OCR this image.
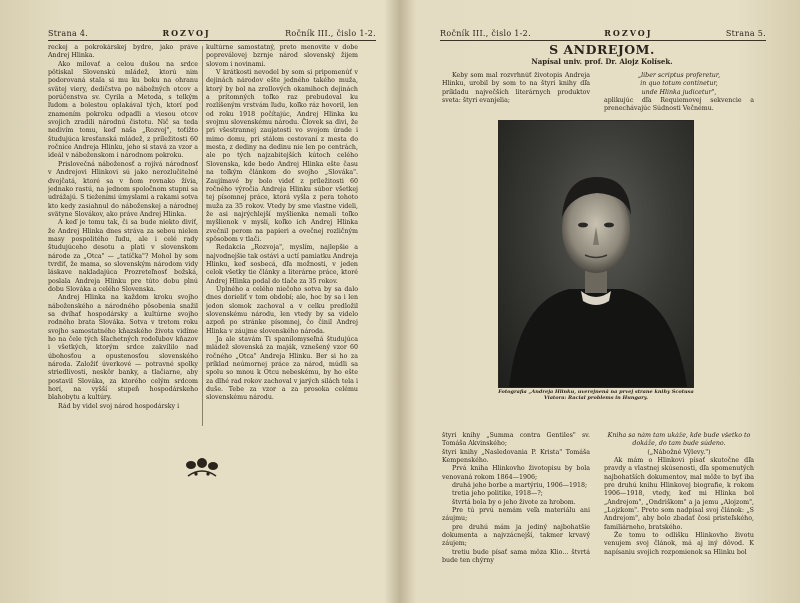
Strana 4.	ROZVOJ	Ročník III., čislo 1-2.

reckej a pokrokárskej bydre, jako práve Andrej Hlinka.

Ako milovať a celou dušou na srdce pôtiskal Slovenskú mládež, ktorú nim podorovaná stala si mu ku boku na ohranu svätej viery, dedičstva po nábožných otcov a porúčenstva sv. Cyrila a Metoda, s telkým ľudom a bolestou oplakával tých, ktorí pod znamením pokroku odpadli a viesou otcov svojich zradili národnú čistotu. Nič sa teda nedivím tomu, keď naša „Rozvoj", toťižto študujúca kresťanská mládež, z príležitosti 60 ročnice Andreja Hlinku, jeho si stavá za vzor a ideál v náboženskom i národnom pokroku.

Prislovečná náboženosť a rojívá národnosť v Andrejovi Hlinkovi sú jako nerozlučitelné dvojčatá, ktoré sa v ňom rovnako žívia, jednako rastú, na jednom spoločnom stupni sa udrážajú. S tieženími úmyslami a rakami sotva kto kedy zasiahnul do náboženskej a národnej svätyne Slovákov, ako práve Andrej Hlinka.

A keď je tomu tak, či sa bude niekto diviť, že Andrej Hlinka dnes stráva za sebou nielen masy pospolitého ľudu, ale i celé rady študujúceho desotu a plati v slovenskom národe za „Otca" — „tatíčka"? Mohol by som tvrdiť, že mama, so slovenským národom vidy láskave nakladajúca Prozreteľnosť božská, poslala Andreja Hlinku pre túto dobu plnú dobu Slováka a celého Slovenska.

Andrej Hlinka na každom kroku svojho náboženského a národného pôsobenia snažil sa dvíhať hospodársky a kultúrne svojho rodného brata Slováka. Sotva v tretom roku svojho samostatného kňazského života vidíme ho na čele tých šľachetných rodoľubov kňazov i všetkých, ktorým srdce zakvílilo nad úbohosťou a opustenosťou slovenského národa. Založiť úverkové — potravné spolky striedlivosti, neskôr banky, a tlačiarne, aby postavil Slováka, za ktorého celým srdcom horí, na vyšší stupeň hospodárskeho blahobytu a kultúry.

Rád by videl svoj národ hospodársky i

kultúrne samostatný, preto menovite v dobe popreválovej bzrnje národ slovenský žijem slovom i novinami.

V krátkosti nevodel by som si pripomenúť v dejinách národov ešte jedného takého muža, ktorý by bol na zrollových okamihoch dejinách a prítomných toľko raz prebudoval ku rozlíšeným vrstvám ľudu, koľko ráz hovoril, len od roku 1918 počítajúc, Andrej Hlinka ku svojmu slovenskému národu. Človek sa divi, že pri všestrannej zaujatosti vo svojom úrade i mimo domu, pri stálom cestovaní z mesta do mesta, z dediny na dedinu nie len po centrách, ale po tých najzabitejších kútoch celého Slovenska, kde bedo Andrej Hlinka ešte času na toľkým článkom do svojho „Slováka". Zaujímavé by bolo videť z príležitosti 60 ročného výročia Andreja Hlinku súbor všetkej tej písomnej práce, ktorá vyšla z pera tohoto muža za 35 rokov. Vtedy by sme vlastne videli, že asi najrýchlejší myšlienka nemali toľko myšlienok v myslí, koľko ich Andrej Hlinka zvečnil perom na papieri a ovečnej rozličným spôsobom v tlači.

Redakcia „Rozvoja", myslím, najlepšie a najvodnejšie tak ostávi a uctí pamiatku Andreja Hlinku, keď sosbecá, dľa možnosti, v jeden celok všetky tie články a literárne práce, ktoré Andrej Hlinka podal do tlače za 35 rokov.

Úplného a celého niečoho sotva by sa dalo dnes dorieliť v tom období; ale, hoc by sa i len jedon slomok zachoval a v celku predložil slovenskému národu, len vtedy by sa videlo azpoň po stránke písomnej, čo činil Andrej Hlinka v záujme slovenského národa.

Ja ale stavám Ti spanilomyseľná študujúca mládež slovenská za maják, vznešený vzor 60 ročného „Otca" Andreja Hlinku. Ber si ho za príklad neúmornej práce za národ, múdli sa spolu so mnou k Otcu nebeskému, by ho ešte za dlhé rad rokov zachoval v jarých silách tela i duše. Tebe za vzor a za prosoka celému slovenskému národu.

Ročník III., čislo 1-2.	ROZVOJ	Strana 5.
S ANDREJOM.
Napísal univ. prof. Dr. Alojz Kolísek.

Keby som mal rozvrhnúť životopis Andreja Hlinku, urobil by som to na štyri knihy dľa príkladu največších literárnych produktov sveta: štyri evanjelia;

„liber scriptus proferetur,

in quo totum continetur,

unde Hlinka judicetur",

aplikujúc dľa Requiemovej sekvencie a prenechávajúc Súdnosti Večnému.

Fotografia „Andreja Hlinku, uverejnená na prvej strane knihy Scotusa Viatora: Racial problems in Hungary.

štyri knihy „Summa contra Gentiles" sv. Tomáša Akvinského;

štyri knihy „Nasledovania P. Krista" Tomáša Kempenského.

Prvá kniha Hlinkovho životopisu by bola venovaná rokom 1864—1906;

druhá jeho borbe a martýriu, 1906—1918;

tretia jeho politike, 1918—?;

štvrtá bola by o jeho živote za hrobom.

Pre tú prvú nemám veľa materiálu ani záujmu;

pre druhú mám ja jediný najbohatšie dokumenta a najvzácnejší, takmer krvavý záujem;

tretiu bude písať sama môza Klio... štvrtá bude ten chýrny

Kniha sa nám tam ukáže, kde bude všetko to dokáže, do tam bude súdeno.

(„Nábožné Výlevy.")

Ak mám o Hlinkovi písať skutočne dľa pravdy a vlastnej skúsenosti, dľa spomenutých najbohatších dokumentov, mal môže to byť iba pre druhú knihu Hlinkovej biografie, k rokom 1906—1918, vtedy, keď mi Hlinka bol „Andrejom", „Ondriškom" a ja jemu „Alojzom", „Lojzkom". Preto som nadpísal svoj článok: „S Andrejom", aby bolo zbadať čosi pristeľského, familiárneho, bratského.

Že tomu to odlišku Hlinkovho životu venujem svoj článok, má aj iný dôvod. K napísaniu svojich rozpomienok sa Hlinku bol
